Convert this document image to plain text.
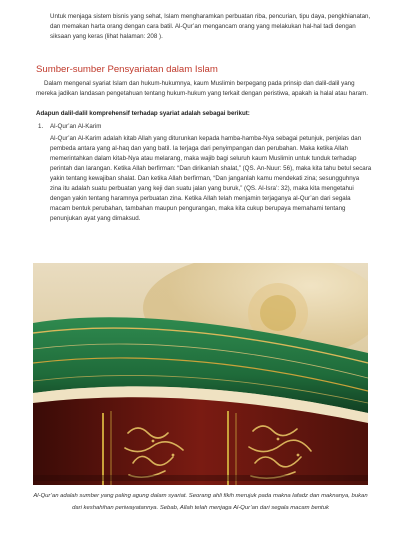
Untuk menjaga sistem bisnis yang sehat, Islam mengharamkan perbuatan riba, pencurian, tipu daya, pengkhianatan, dan memakan harta orang dengan cara batil. Al-Qur’an mengancam orang yang melakukan hal-hal tadi dengan siksaan yang keras (lihat halaman: 208 ).

Sumber-sumber Pensyariatan dalam Islam

Dalam mengenal syariat Islam dan hukum-hukumnya, kaum Muslimin berpegang pada prinsip dan dalil-dalil yang mereka jadikan landasan pengetahuan tentang hukum-hukum yang terkait dengan peristiwa, apakah ia halal atau haram.

Adapun dalil-dalil komprehensif terhadap syariat adalah sebagai berikut:

1. Al-Qur’an Al-Karim

Al-Qur’an Al-Karim adalah kitab Allah yang diturunkan kepada hamba-hamba-Nya sebagai petunjuk, penjelas dan pembeda antara yang al-haq dan yang batil. Ia terjaga dari penyimpangan dan perubahan. Maka ketika Allah memerintahkan dalam kitab-Nya atau melarang, maka wajib bagi seluruh kaum Muslimin untuk tunduk terhadap perintah dan larangan. Ketika Allah berfirman: “Dan dirikanlah shalat,” (QS. An-Nuur: 56), maka kita tahu betul secara yakin tentang kewajiban shalat. Dan ketika Allah berfirman, “Dan janganlah kamu mendekati zina; sesungguhnya zina itu adalah suatu perbuatan yang keji dan suatu jalan yang buruk,” (QS. Al-Isra’: 32), maka kita mengetahui dengan yakin tentang haramnya perbuatan zina. Ketika Allah telah menjamin terjaganya al-Qur’an dari segala macam bentuk perubahan, tambahan maupun pengurangan, maka kita cukup berupaya memahami tentang penunjukan ayat yang dimaksud.

Al-Qur’an adalah sumber yang paling agung dalam syariat. Seorang ahli fikih merujuk pada makna lafadz dan maknanya, bukan dari keshahihan periwayatannya. Sebab, Allah telah menjaga Al-Qur’an dari segala macam bentuk
